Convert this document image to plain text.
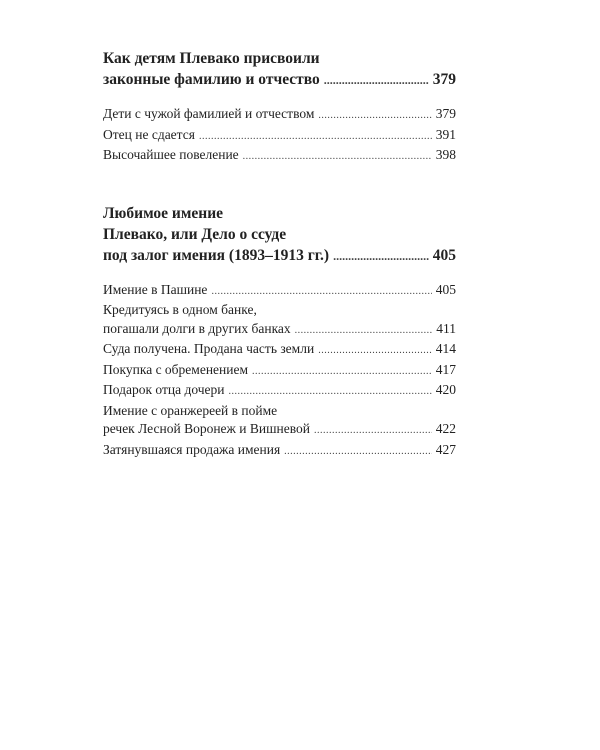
Как детям Плевако присвоили
законные фамилию и отчество . . .	379
Дети с чужой фамилией и отчеством . . .	379
Отец не сдается . . .	391
Высочайшее повеление . . .	398
Любимое имение
Плевако, или Дело о ссуде
под залог имения (1893–1913 гг.) . . .	405
Имение в Пашине . . .	405
Кредитуясь в одном банке,
погашали долги в других банках . . .	411
Суда получена. Продана часть земли . . .	414
Покупка с обременением . . .	417
Подарок отца дочери . . .	420
Имение с оранжереей в пойме
речек Лесной Воронеж и Вишневой . . .	422
Затянувшаяся продажа имения . . .	427
